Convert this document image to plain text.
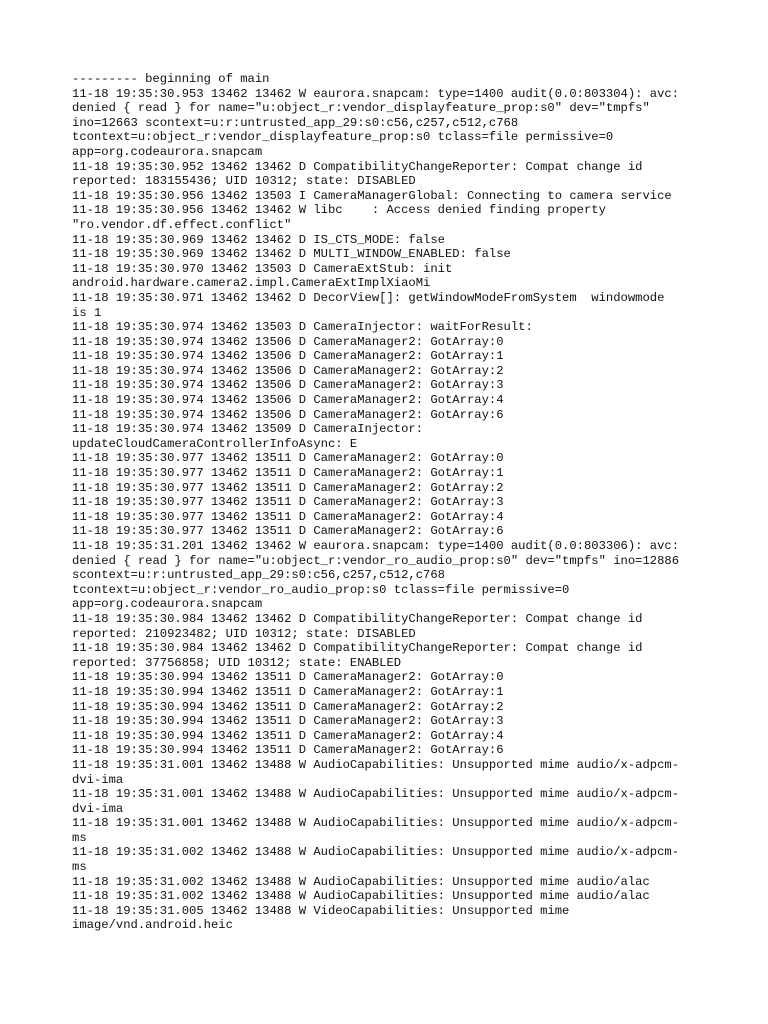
--------- beginning of main
11-18 19:35:30.953 13462 13462 W eaurora.snapcam: type=1400 audit(0.0:803304): avc:
denied { read } for name="u:object_r:vendor_displayfeature_prop:s0" dev="tmpfs"
ino=12663 scontext=u:r:untrusted_app_29:s0:c56,c257,c512,c768
tcontext=u:object_r:vendor_displayfeature_prop:s0 tclass=file permissive=0
app=org.codeaurora.snapcam
11-18 19:35:30.952 13462 13462 D CompatibilityChangeReporter: Compat change id
reported: 183155436; UID 10312; state: DISABLED
11-18 19:35:30.956 13462 13503 I CameraManagerGlobal: Connecting to camera service
11-18 19:35:30.956 13462 13462 W libc    : Access denied finding property
"ro.vendor.df.effect.conflict"
11-18 19:35:30.969 13462 13462 D IS_CTS_MODE: false
11-18 19:35:30.969 13462 13462 D MULTI_WINDOW_ENABLED: false
11-18 19:35:30.970 13462 13503 D CameraExtStub: init
android.hardware.camera2.impl.CameraExtImplXiaoMi
11-18 19:35:30.971 13462 13462 D DecorView[]: getWindowModeFromSystem  windowmode
is 1
11-18 19:35:30.974 13462 13503 D CameraInjector: waitForResult:
11-18 19:35:30.974 13462 13506 D CameraManager2: GotArray:0
11-18 19:35:30.974 13462 13506 D CameraManager2: GotArray:1
11-18 19:35:30.974 13462 13506 D CameraManager2: GotArray:2
11-18 19:35:30.974 13462 13506 D CameraManager2: GotArray:3
11-18 19:35:30.974 13462 13506 D CameraManager2: GotArray:4
11-18 19:35:30.974 13462 13506 D CameraManager2: GotArray:6
11-18 19:35:30.974 13462 13509 D CameraInjector:
updateCloudCameraControllerInfoAsync: E
11-18 19:35:30.977 13462 13511 D CameraManager2: GotArray:0
11-18 19:35:30.977 13462 13511 D CameraManager2: GotArray:1
11-18 19:35:30.977 13462 13511 D CameraManager2: GotArray:2
11-18 19:35:30.977 13462 13511 D CameraManager2: GotArray:3
11-18 19:35:30.977 13462 13511 D CameraManager2: GotArray:4
11-18 19:35:30.977 13462 13511 D CameraManager2: GotArray:6
11-18 19:35:31.201 13462 13462 W eaurora.snapcam: type=1400 audit(0.0:803306): avc:
denied { read } for name="u:object_r:vendor_ro_audio_prop:s0" dev="tmpfs" ino=12886
scontext=u:r:untrusted_app_29:s0:c56,c257,c512,c768
tcontext=u:object_r:vendor_ro_audio_prop:s0 tclass=file permissive=0
app=org.codeaurora.snapcam
11-18 19:35:30.984 13462 13462 D CompatibilityChangeReporter: Compat change id
reported: 210923482; UID 10312; state: DISABLED
11-18 19:35:30.984 13462 13462 D CompatibilityChangeReporter: Compat change id
reported: 37756858; UID 10312; state: ENABLED
11-18 19:35:30.994 13462 13511 D CameraManager2: GotArray:0
11-18 19:35:30.994 13462 13511 D CameraManager2: GotArray:1
11-18 19:35:30.994 13462 13511 D CameraManager2: GotArray:2
11-18 19:35:30.994 13462 13511 D CameraManager2: GotArray:3
11-18 19:35:30.994 13462 13511 D CameraManager2: GotArray:4
11-18 19:35:30.994 13462 13511 D CameraManager2: GotArray:6
11-18 19:35:31.001 13462 13488 W AudioCapabilities: Unsupported mime audio/x-adpcm-
dvi-ima
11-18 19:35:31.001 13462 13488 W AudioCapabilities: Unsupported mime audio/x-adpcm-
dvi-ima
11-18 19:35:31.001 13462 13488 W AudioCapabilities: Unsupported mime audio/x-adpcm-
ms
11-18 19:35:31.002 13462 13488 W AudioCapabilities: Unsupported mime audio/x-adpcm-
ms
11-18 19:35:31.002 13462 13488 W AudioCapabilities: Unsupported mime audio/alac
11-18 19:35:31.002 13462 13488 W AudioCapabilities: Unsupported mime audio/alac
11-18 19:35:31.005 13462 13488 W VideoCapabilities: Unsupported mime
image/vnd.android.heic
